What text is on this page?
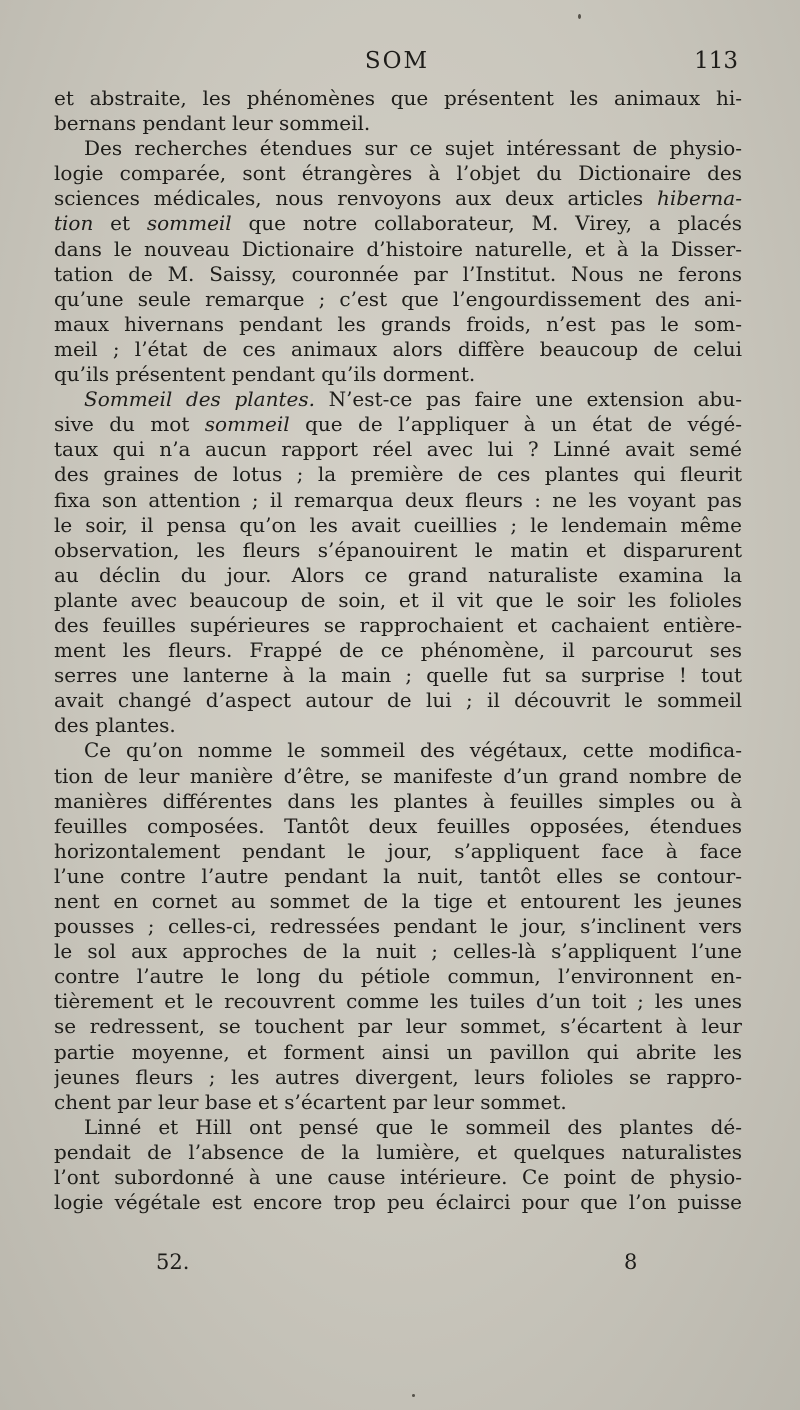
SOM	113
et abstraite, les phénomènes que présentent les animaux hi-
bernans pendant leur sommeil.
Des recherches étendues sur ce sujet intéressant de physio-
logie comparée, sont étrangères à l’objet du Dictionaire des
sciences médicales, nous renvoyons aux deux articles hiberna-
tion et sommeil que notre collaborateur, M. Virey, a placés
dans le nouveau Dictionaire d’histoire naturelle, et à la Disser-
tation de M. Saissy, couronnée par l’Institut. Nous ne ferons
qu’une seule remarque ; c’est que l’engourdissement des ani-
maux hivernans pendant les grands froids, n’est pas le som-
meil ; l’état de ces animaux alors diffère beaucoup de celui
qu’ils présentent pendant qu’ils dorment.
Sommeil des plantes. N’est-ce pas faire une extension abu-
sive du mot sommeil que de l’appliquer à un état de végé-
taux qui n’a aucun rapport réel avec lui ? Linné avait semé
des graines de lotus ; la première de ces plantes qui fleurit
fixa son attention ; il remarqua deux fleurs : ne les voyant pas
le soir, il pensa qu’on les avait cueillies ; le lendemain même
observation, les fleurs s’épanouirent le matin et disparurent
au déclin du jour. Alors ce grand naturaliste examina la
plante avec beaucoup de soin, et il vit que le soir les folioles
des feuilles supérieures se rapprochaient et cachaient entière-
ment les fleurs. Frappé de ce phénomène, il parcourut ses
serres une lanterne à la main ; quelle fut sa surprise ! tout
avait changé d’aspect autour de lui ; il découvrit le sommeil
des plantes.
Ce qu’on nomme le sommeil des végétaux, cette modifica-
tion de leur manière d’être, se manifeste d’un grand nombre de
manières différentes dans les plantes à feuilles simples ou à
feuilles composées. Tantôt deux feuilles opposées, étendues
horizontalement pendant le jour, s’appliquent face à face
l’une contre l’autre pendant la nuit, tantôt elles se contour-
nent en cornet au sommet de la tige et entourent les jeunes
pousses ; celles-ci, redressées pendant le jour, s’inclinent vers
le sol aux approches de la nuit ; celles-là s’appliquent l’une
contre l’autre le long du pétiole commun, l’environnent en-
tièrement et le recouvrent comme les tuiles d’un toit ; les unes
se redressent, se touchent par leur sommet, s’écartent à leur
partie moyenne, et forment ainsi un pavillon qui abrite les
jeunes fleurs ; les autres divergent, leurs folioles se rappro-
chent par leur base et s’écartent par leur sommet.
Linné et Hill ont pensé que le sommeil des plantes dé-
pendait de l’absence de la lumière, et quelques naturalistes
l’ont subordonné à une cause intérieure. Ce point de physio-
logie végétale est encore trop peu éclairci pour que l’on puisse
52.	8
